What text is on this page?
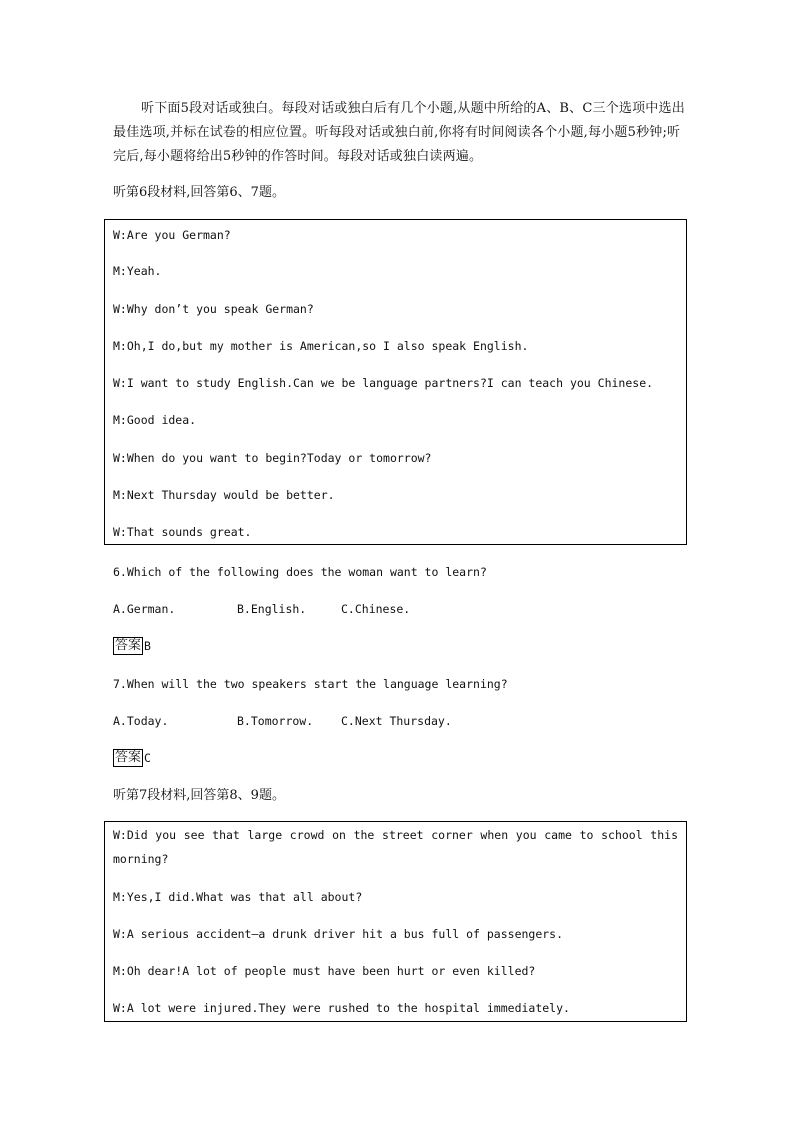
听下面5段对话或独白。每段对话或独白后有几个小题,从题中所给的A、B、C三个选项中选出最佳选项,并标在试卷的相应位置。听每段对话或独白前,你将有时间阅读各个小题,每小题5秒钟;听完后,每小题将给出5秒钟的作答时间。每段对话或独白读两遍。
听第6段材料,回答第6、7题。
W:Are you German?
M:Yeah.
W:Why don’t you speak German?
M:Oh,I do,but my mother is American,so I also speak English.
W:I want to study English.Can we be language partners?I can teach you Chinese.
M:Good idea.
W:When do you want to begin?Today or tomorrow?
M:Next Thursday would be better.
W:That sounds great.
6.Which of the following does the woman want to learn?
A.German.	B.English.	C.Chinese.
答案 B
7.When will the two speakers start the language learning?
A.Today.	B.Tomorrow. C.Next Thursday.
答案 C
听第7段材料,回答第8、9题。
W:Did you see that large crowd on the street corner when you came to school this morning?
M:Yes,I did.What was that all about?
W:A serious accident—a drunk driver hit a bus full of passengers.
M:Oh dear!A lot of people must have been hurt or even killed?
W:A lot were injured.They were rushed to the hospital immediately.
